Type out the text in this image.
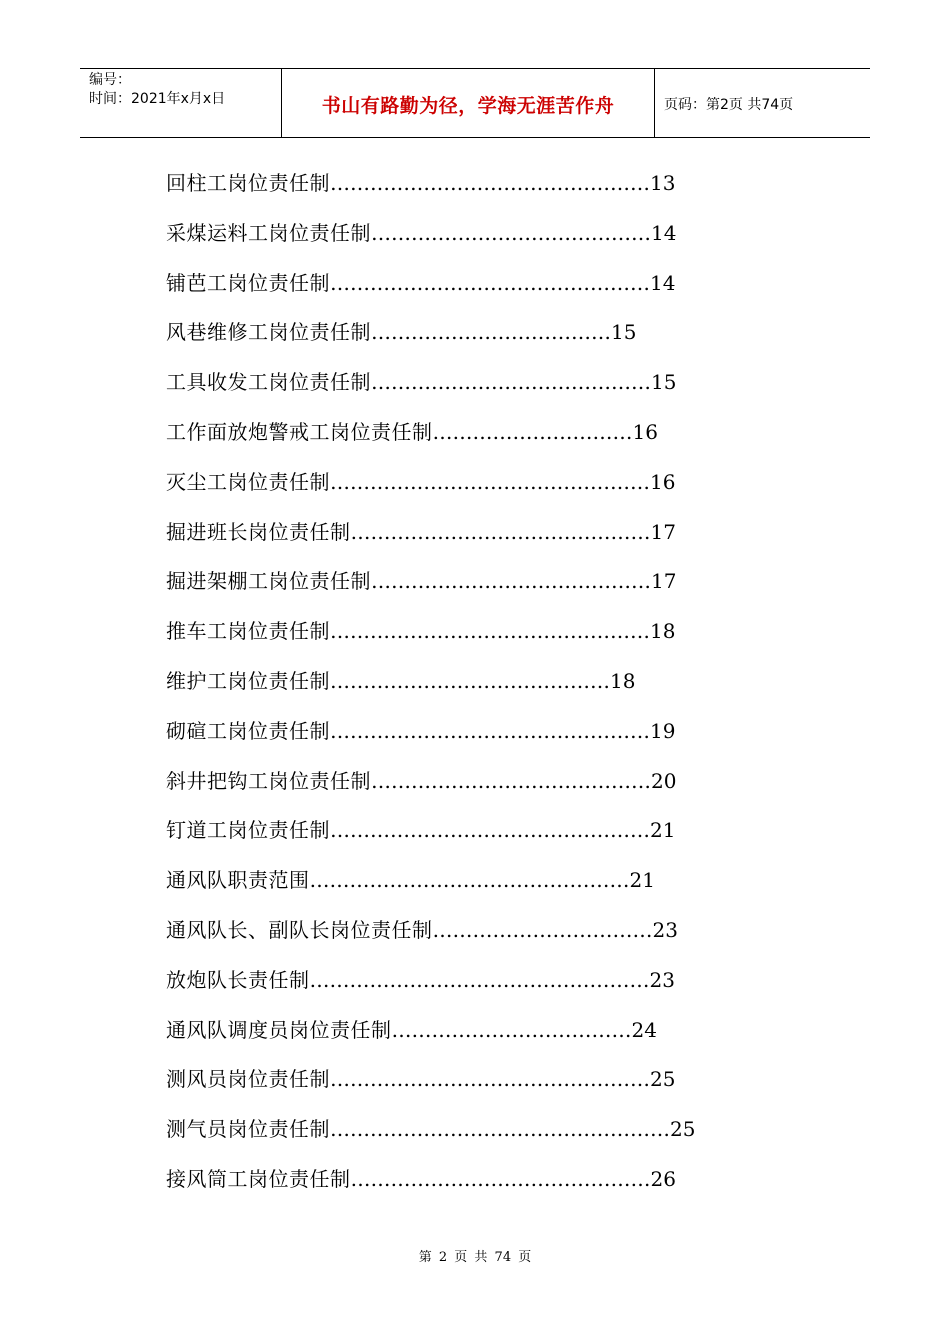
编号：
时间：2021年x月x日	书山有路勤为径，学海无涯苦作舟	页码：第2页 共74页
回柱工岗位责任制 ………………………………………… 13
采煤运料工岗位责任制 …………………………………… 14
铺芭工岗位责任制 ………………………………………… 14
风巷维修工岗位责任制 ……………………………… 15
工具收发工岗位责任制 …………………………………… 15
工作面放炮警戒工岗位责任制 ………………………… 16
灭尘工岗位责任制 ………………………………………… 16
掘进班长岗位责任制 ……………………………………… 17
掘进架棚工岗位责任制 …………………………………… 17
推车工岗位责任制 ………………………………………… 18
维护工岗位责任制 …………………………………… 18
砌碹工岗位责任制 ………………………………………… 19
斜井把钩工岗位责任制 …………………………………… 20
钉道工岗位责任制 ………………………………………… 21
通风队职责范围 ………………………………………… 21
通风队长、副队长岗位责任制 …………………………… 23
放炮队长责任制 …………………………………………… 23
通风队调度员岗位责任制 ……………………………… 24
测风员岗位责任制 ………………………………………… 25
测气员岗位责任制 …………………………………………… 25
接风筒工岗位责任制 ……………………………………… 26
第 2 页 共 74 页
